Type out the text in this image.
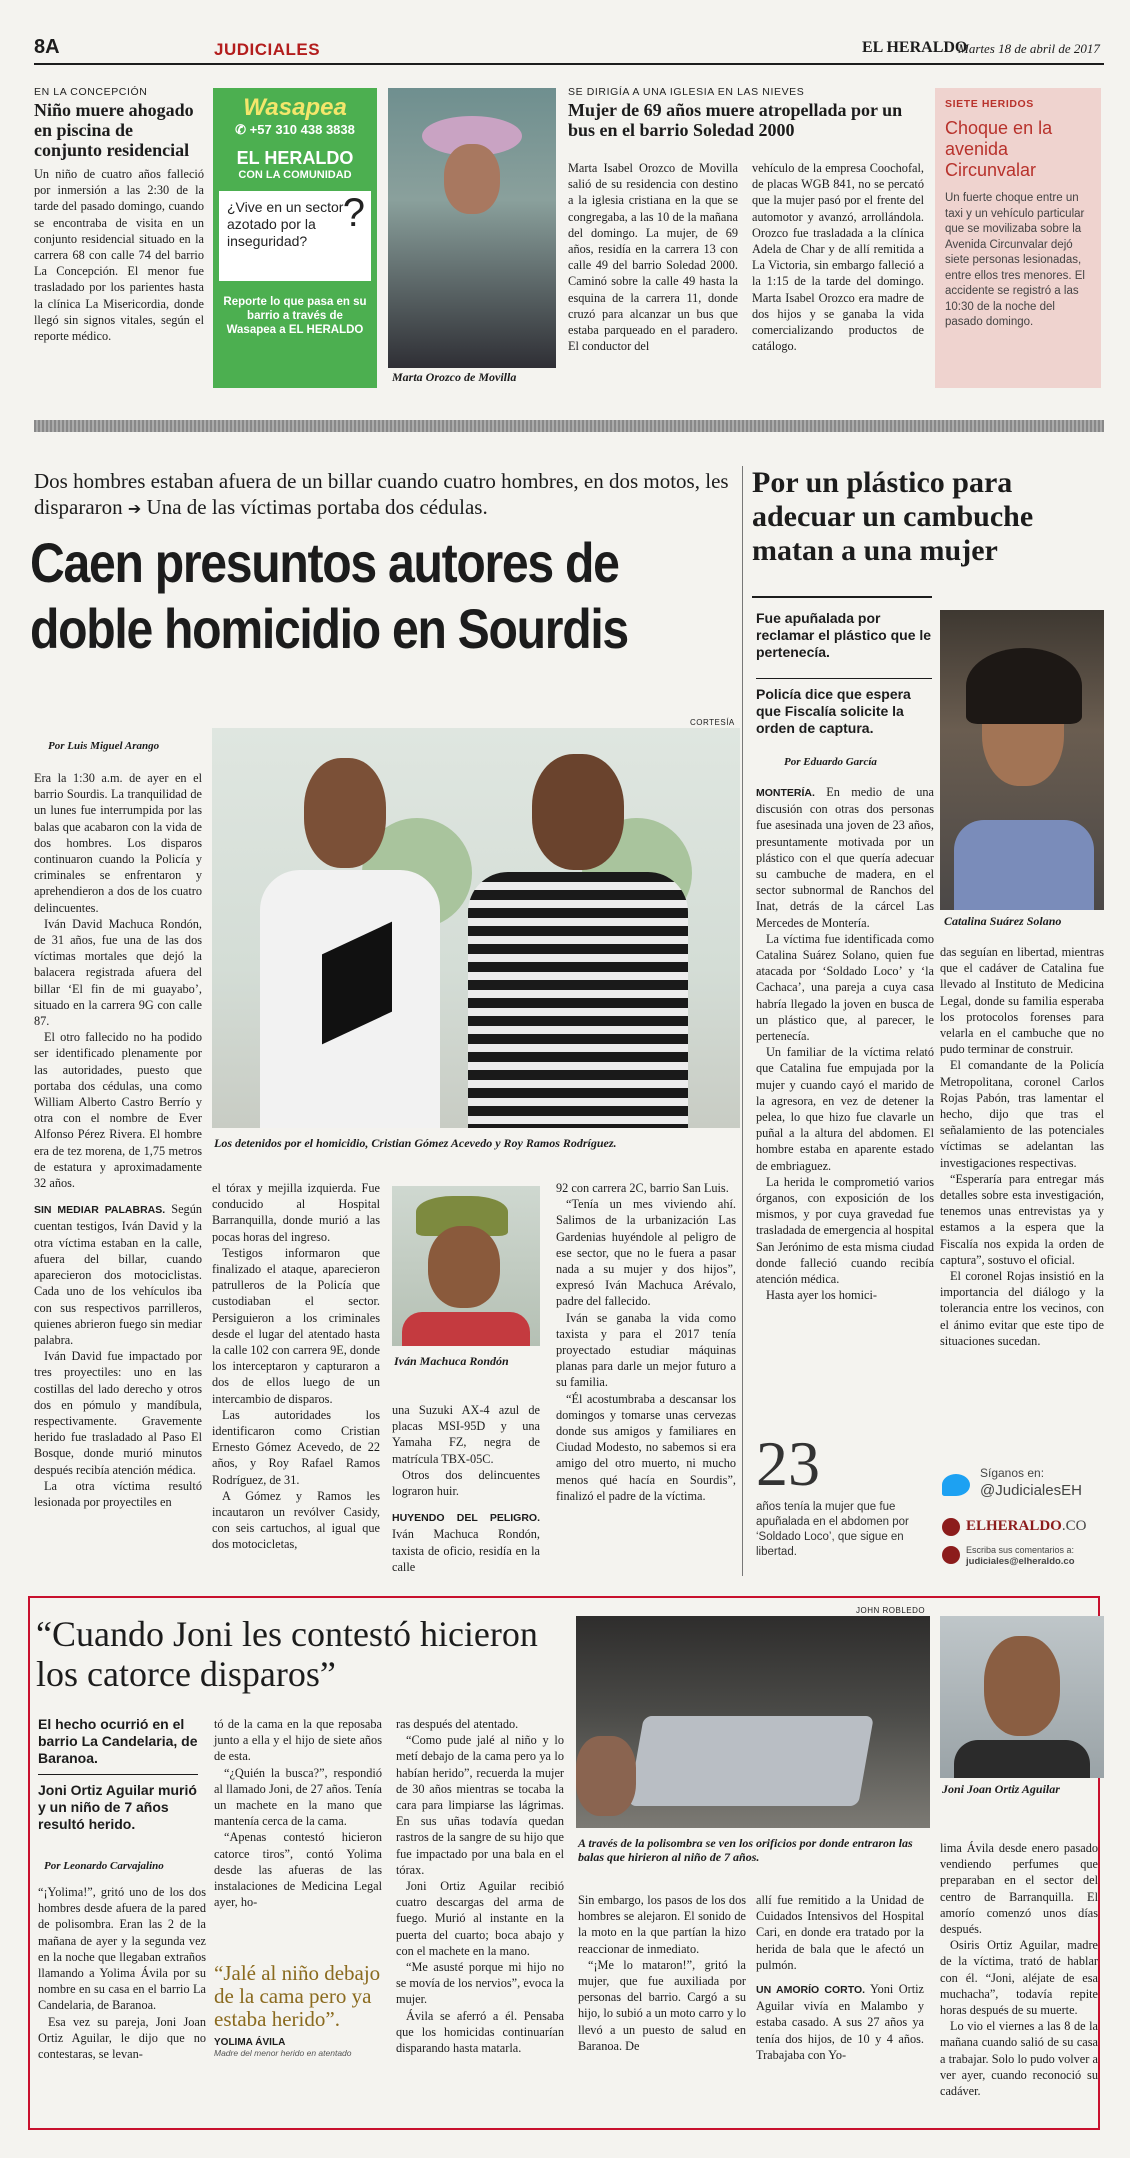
8A	JUDICIALES	EL HERALDO
Martes 18 de abril de 2017
EN LA CONCEPCIÓN
Niño muere ahogado en piscina de conjunto residencial

Un niño de cuatro años falleció por inmersión a las 2:30 de la tarde del pasado domingo, cuando se encontraba de visita en un conjunto residencial situado en la carrera 68 con calle 74 del barrio La Concepción. El menor fue trasladado por los parientes hasta la clínica La Misericordia, donde llegó sin signos vitales, según el reporte médico.

Wasapea
✆ +57 310 438 3838
EL HERALDO
CON LA COMUNIDAD
¿Vive en un sector azotado por la inseguridad?
?
Reporte lo que pasa en su barrio a través de Wasapea a EL HERALDO
Marta Orozco de Movilla
SE DIRIGÍA A UNA IGLESIA EN LAS NIEVES
Mujer de 69 años muere atropellada por un bus en el barrio Soledad 2000

Marta Isabel Orozco de Movilla salió de su residencia con destino a la iglesia cristiana en la que se congregaba, a las 10 de la mañana del domingo. La mujer, de 69 años, residía en la carrera 13 con calle 49 del barrio Soledad 2000. Caminó sobre la calle 49 hasta la esquina de la carrera 11, donde cruzó para alcanzar un bus que estaba parqueado en el paradero. El conductor del

vehículo de la empresa Coochofal, de placas WGB 841, no se percató que la mujer pasó por el frente del automotor y avanzó, arrollándola. Orozco fue trasladada a la clínica Adela de Char y de allí remitida a La Victoria, sin embargo falleció a la 1:15 de la tarde del domingo. Marta Isabel Orozco era madre de dos hijos y se ganaba la vida comercializando productos de catálogo.

SIETE HERIDOS
Choque en la avenida Circunvalar
Un fuerte choque entre un taxi y un vehículo particular que se movilizaba sobre la Avenida Circunvalar dejó siete personas lesionadas, entre ellos tres menores. El accidente se registró a las 10:30 de la noche del pasado domingo.
Dos hombres estaban afuera de un billar cuando cuatro hombres, en dos motos, les dispararon ➔ Una de las víctimas portaba dos cédulas.
Caen presuntos autores de doble homicidio en Sourdis
CORTESÍA
Por Luis Miguel Arango
Los detenidos por el homicidio, Cristian Gómez Acevedo y Roy Ramos Rodríguez.

Era la 1:30 a.m. de ayer en el barrio Sourdis. La tranquilidad de un lunes fue interrumpida por las balas que acabaron con la vida de dos hombres. Los disparos continuaron cuando la Policía y criminales se enfrentaron y aprehendieron a dos de los cuatro delincuentes.

Iván David Machuca Rondón, de 31 años, fue una de las dos víctimas mortales que dejó la balacera registrada afuera del billar ‘El fin de mi guayabo’, situado en la carrera 9G con calle 87.

El otro fallecido no ha podido ser identificado plenamente por las autoridades, puesto que portaba dos cédulas, una como William Alberto Castro Berrío y otra con el nombre de Ever Alfonso Pérez Rivera. El hombre era de tez morena, de 1,75 metros de estatura y aproximadamente 32 años.

SIN MEDIAR PALABRAS. Según cuentan testigos, Iván David y la otra víctima estaban en la calle, afuera del billar, cuando aparecieron dos motociclistas. Cada uno de los vehículos iba con sus respectivos parrilleros, quienes abrieron fuego sin mediar palabra.

Iván David fue impactado por tres proyectiles: uno en las costillas del lado derecho y otros dos en pómulo y mandíbula, respectivamente. Gravemente herido fue trasladado al Paso El Bosque, donde murió minutos después recibía atención médica.

La otra víctima resultó lesionada por proyectiles en

el tórax y mejilla izquierda. Fue conducido al Hospital Barranquilla, donde murió a las pocas horas del ingreso.

Testigos informaron que finalizado el ataque, aparecieron patrulleros de la Policía que custodiaban el sector. Persiguieron a los criminales desde el lugar del atentado hasta la calle 102 con carrera 9E, donde los interceptaron y capturaron a dos de ellos luego de un intercambio de disparos.

Las autoridades los identificaron como Cristian Ernesto Gómez Acevedo, de 22 años, y Roy Rafael Ramos Rodríguez, de 31.

A Gómez y Ramos les incautaron un revólver Casidy, con seis cartuchos, al igual que dos motocicletas,

Iván Machuca Rondón

una Suzuki AX-4 azul de placas MSI-95D y una Yamaha FZ, negra de matrícula TBX-05C.

Otros dos delincuentes lograron huir.

HUYENDO DEL PELIGRO. Iván Machuca Rondón, taxista de oficio, residía en la calle

92 con carrera 2C, barrio San Luis.

“Tenía un mes viviendo ahí. Salimos de la urbanización Las Gardenias huyéndole al peligro de ese sector, que no le fuera a pasar nada a su mujer y dos hijos”, expresó Iván Machuca Arévalo, padre del fallecido.

Iván se ganaba la vida como taxista y para el 2017 tenía proyectado estudiar máquinas planas para darle un mejor futuro a su familia.

“Él acostumbraba a descansar los domingos y tomarse unas cervezas donde sus amigos y familiares en Ciudad Modesto, no sabemos si era amigo del otro muerto, ni mucho menos qué hacía en Sourdis”, finalizó el padre de la víctima.

Por un plástico para adecuar un cambuche matan a una mujer
Fue apuñalada por reclamar el plástico que le pertenecía.
Policía dice que espera que Fiscalía solicite la orden de captura.
Por Eduardo García
Catalina Suárez Solano

MONTERÍA. En medio de una discusión con otras dos personas fue asesinada una joven de 23 años, presuntamente motivada por un plástico con el que quería adecuar su cambuche de madera, en el sector subnormal de Ranchos del Inat, detrás de la cárcel Las Mercedes de Montería.

La víctima fue identificada como Catalina Suárez Solano, quien fue atacada por ‘Soldado Loco’ y ‘la Cachaca’, una pareja a cuya casa habría llegado la joven en busca de un plástico que, al parecer, le pertenecía.

Un familiar de la víctima relató que Catalina fue empujada por la mujer y cuando cayó el marido de la agresora, en vez de detener la pelea, lo que hizo fue clavarle un puñal a la altura del abdomen. El hombre estaba en aparente estado de embriaguez.

La herida le comprometió varios órganos, con exposición de los mismos, y por cuya gravedad fue trasladada de emergencia al hospital San Jerónimo de esta misma ciudad donde falleció cuando recibía atención médica.

Hasta ayer los homici-

das seguían en libertad, mientras que el cadáver de Catalina fue llevado al Instituto de Medicina Legal, donde su familia esperaba los protocolos forenses para velarla en el cambuche que no pudo terminar de construir.

El comandante de la Policía Metropolitana, coronel Carlos Rojas Pabón, tras lamentar el hecho, dijo que tras el señalamiento de las potenciales víctimas se adelantan las investigaciones respectivas.

“Esperaría para entregar más detalles sobre esta investigación, tenemos unas entrevistas ya y estamos a la espera que la Fiscalía nos expida la orden de captura”, sostuvo el oficial.

El coronel Rojas insistió en la importancia del diálogo y la tolerancia entre los vecinos, con el ánimo evitar que este tipo de situaciones sucedan.

23
años tenía la mujer que fue apuñalada en el abdomen por ‘Soldado Loco’, que sigue en libertad.
Síganos en:
@JudicialesEH
ELHERALDO.CO
Escriba sus comentarios a:
judiciales@elheraldo.co
JOHN ROBLEDO
“Cuando Joni les contestó hicieron los catorce disparos”
El hecho ocurrió en el barrio La Candelaria, de Baranoa.
Joni Ortiz Aguilar murió y un niño de 7 años resultó herido.
Por Leonardo Carvajalino

“¡Yolima!”, gritó uno de los dos hombres desde afuera de la pared de polisombra. Eran las 2 de la mañana de ayer y la segunda vez en la noche que llegaban extraños llamando a Yolima Ávila por su nombre en su casa en el barrio La Candelaria, de Baranoa.

Esa vez su pareja, Joni Joan Ortiz Aguilar, le dijo que no contestaras, se levan-

tó de la cama en la que reposaba junto a ella y el hijo de siete años de esta.

“¿Quién la busca?”, respondió al llamado Joni, de 27 años. Tenía un machete en la mano que mantenía cerca de la cama.

“Apenas contestó hicieron catorce tiros”, contó Yolima desde las afueras de las instalaciones de Medicina Legal ayer, ho-

“Jalé al niño debajo de la cama pero ya estaba herido”.
YOLIMA ÁVILA
Madre del menor herido en atentado

ras después del atentado.

“Como pude jalé al niño y lo metí debajo de la cama pero ya lo habían herido”, recuerda la mujer de 30 años mientras se tocaba la cara para limpiarse las lágrimas. En sus uñas todavía quedan rastros de la sangre de su hijo que fue impactado por una bala en el tórax.

Joni Ortiz Aguilar recibió cuatro descargas del arma de fuego. Murió al instante en la puerta del cuarto; boca abajo y con el machete en la mano.

“Me asusté porque mi hijo no se movía de los nervios”, evoca la mujer.

Ávila se aferró a él. Pensaba que los homicidas continuarían disparando hasta matarla.

A través de la polisombra se ven los orificios por donde entraron las balas que hirieron al niño de 7 años.
Joni Joan Ortiz Aguilar

Sin embargo, los pasos de los dos hombres se alejaron. El sonido de la moto en la que partían la hizo reaccionar de inmediato.

“¡Me lo mataron!”, gritó la mujer, que fue auxiliada por personas del barrio. Cargó a su hijo, lo subió a un moto carro y lo llevó a un puesto de salud en Baranoa. De

allí fue remitido a la Unidad de Cuidados Intensivos del Hospital Cari, en donde era tratado por la herida de bala que le afectó un pulmón.

UN AMORÍO CORTO. Yoni Ortiz Aguilar vivía en Malambo y estaba casado. A sus 27 años ya tenía dos hijos, de 10 y 4 años. Trabajaba con Yo-

lima Ávila desde enero pasado vendiendo perfumes que preparaban en el sector del centro de Barranquilla. El amorío comenzó unos días después.

Osiris Ortiz Aguilar, madre de la víctima, trató de hablar con él. “Joni, aléjate de esa muchacha”, todavía repite horas después de su muerte.

Lo vio el viernes a las 8 de la mañana cuando salió de su casa a trabajar. Solo lo pudo volver a ver ayer, cuando reconoció su cadáver.
